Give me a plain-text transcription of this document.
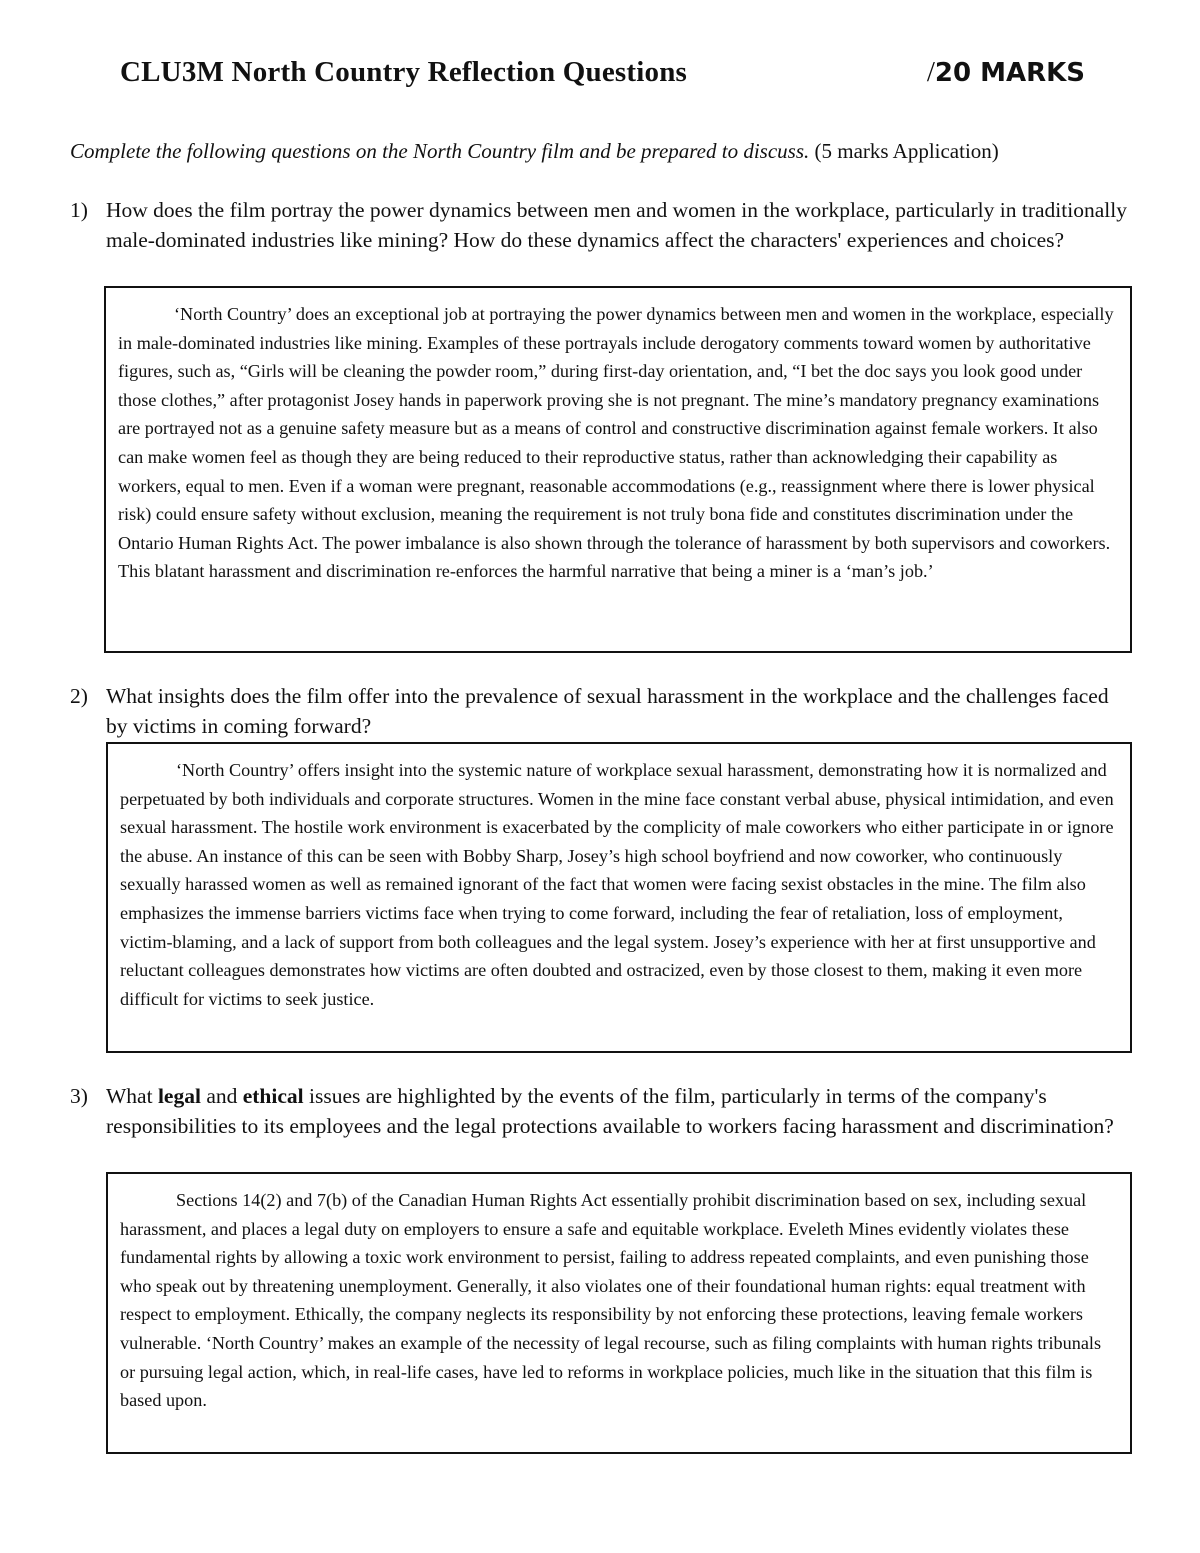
CLU3M North Country Reflection Questions	/20 MARKS
Complete the following questions on the North Country film and be prepared to discuss. (5 marks Application)
1) How does the film portray the power dynamics between men and women in the workplace, particularly in traditionally male-dominated industries like mining? How do these dynamics affect the characters' experiences and choices?

‘North Country’ does an exceptional job at portraying the power dynamics between men and women in the workplace, especially in male-dominated industries like mining. Examples of these portrayals include derogatory comments toward women by authoritative figures, such as, “Girls will be cleaning the powder room,” during first-day orientation, and, “I bet the doc says you look good under those clothes,” after protagonist Josey hands in paperwork proving she is not pregnant. The mine’s mandatory pregnancy examinations are portrayed not as a genuine safety measure but as a means of control and constructive discrimination against female workers. It also can make women feel as though they are being reduced to their reproductive status, rather than acknowledging their capability as workers, equal to men. Even if a woman were pregnant, reasonable accommodations (e.g., reassignment where there is lower physical risk) could ensure safety without exclusion, meaning the requirement is not truly bona fide and constitutes discrimination under the Ontario Human Rights Act. The power imbalance is also shown through the tolerance of harassment by both supervisors and coworkers. This blatant harassment and discrimination re-enforces the harmful narrative that being a miner is a ‘man’s job.’

2) What insights does the film offer into the prevalence of sexual harassment in the workplace and the challenges faced by victims in coming forward?

‘North Country’ offers insight into the systemic nature of workplace sexual harassment, demonstrating how it is normalized and perpetuated by both individuals and corporate structures. Women in the mine face constant verbal abuse, physical intimidation, and even sexual harassment. The hostile work environment is exacerbated by the complicity of male coworkers who either participate in or ignore the abuse. An instance of this can be seen with Bobby Sharp, Josey’s high school boyfriend and now coworker, who continuously sexually harassed women as well as remained ignorant of the fact that women were facing sexist obstacles in the mine. The film also emphasizes the immense barriers victims face when trying to come forward, including the fear of retaliation, loss of employment, victim-blaming, and a lack of support from both colleagues and the legal system. Josey’s experience with her at first unsupportive and reluctant colleagues demonstrates how victims are often doubted and ostracized, even by those closest to them, making it even more difficult for victims to seek justice.

3) What legal and ethical issues are highlighted by the events of the film, particularly in terms of the company's responsibilities to its employees and the legal protections available to workers facing harassment and discrimination?

Sections 14(2) and 7(b) of the Canadian Human Rights Act essentially prohibit discrimination based on sex, including sexual harassment, and places a legal duty on employers to ensure a safe and equitable workplace. Eveleth Mines evidently violates these fundamental rights by allowing a toxic work environment to persist, failing to address repeated complaints, and even punishing those who speak out by threatening unemployment. Generally, it also violates one of their foundational human rights: equal treatment with respect to employment. Ethically, the company neglects its responsibility by not enforcing these protections, leaving female workers vulnerable. ‘North Country’ makes an example of the necessity of legal recourse, such as filing complaints with human rights tribunals or pursuing legal action, which, in real-life cases, have led to reforms in workplace policies, much like in the situation that this film is based upon.
